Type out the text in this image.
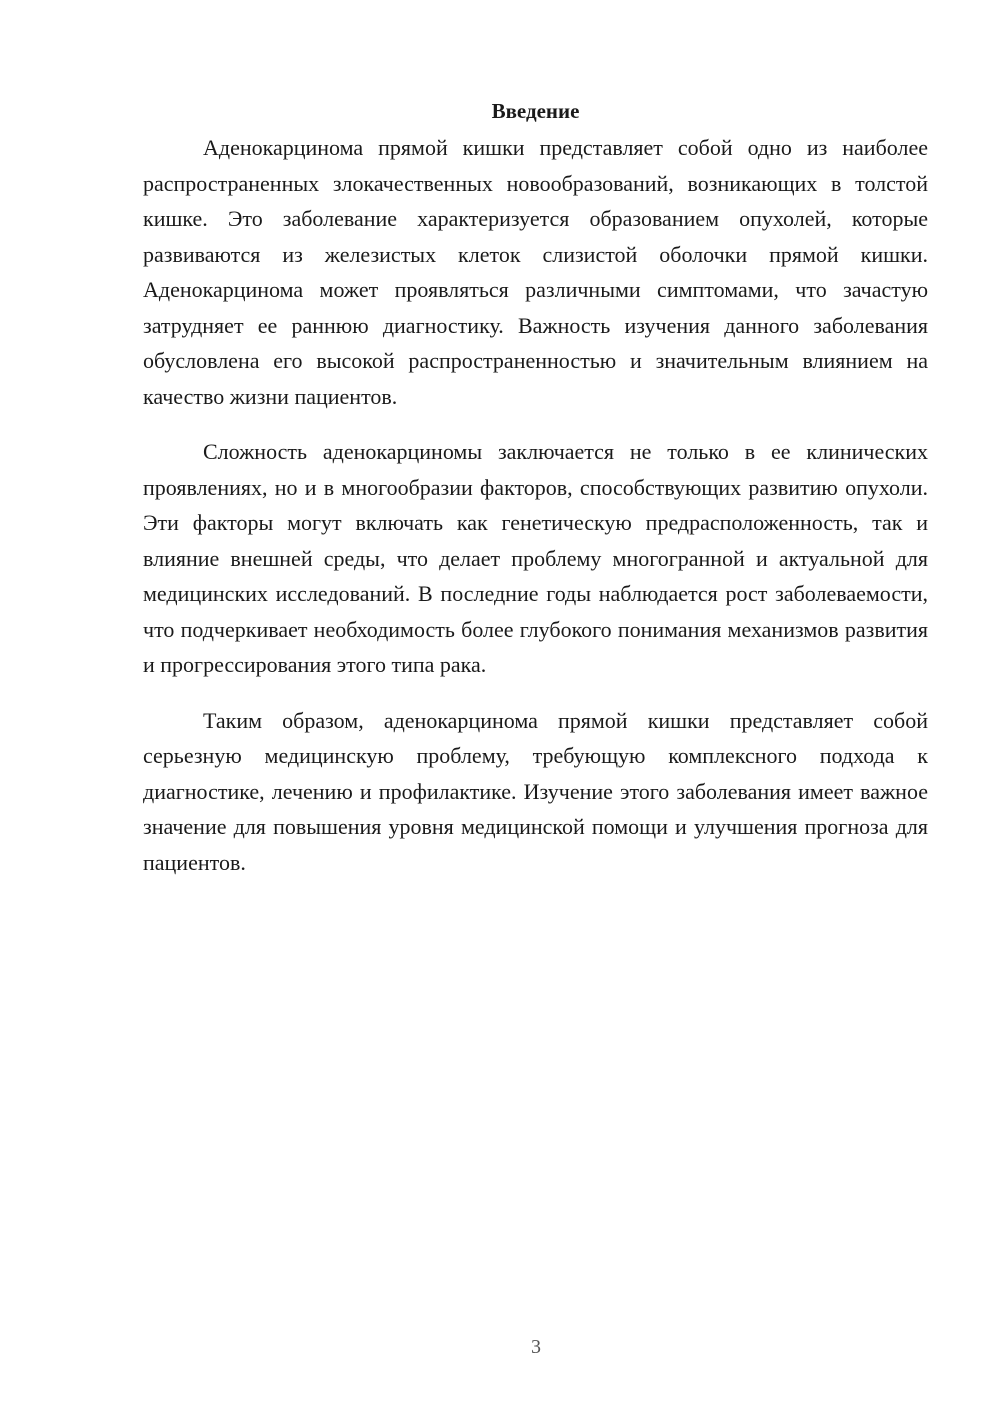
Введение

Аденокарцинома прямой кишки представляет собой одно из наиболее распространенных злокачественных новообразований, возникающих в толстой кишке. Это заболевание характеризуется образованием опухолей, которые развиваются из железистых клеток слизистой оболочки прямой кишки. Аденокарцинома может проявляться различными симптомами, что зачастую затрудняет ее раннюю диагностику. Важность изучения данного заболевания обусловлена его высокой распространенностью и значительным влиянием на качество жизни пациентов.

Сложность аденокарциномы заключается не только в ее клинических проявлениях, но и в многообразии факторов, способствующих развитию опухоли. Эти факторы могут включать как генетическую предрасположенность, так и влияние внешней среды, что делает проблему многогранной и актуальной для медицинских исследований. В последние годы наблюдается рост заболеваемости, что подчеркивает необходимость более глубокого понимания механизмов развития и прогрессирования этого типа рака.

Таким образом, аденокарцинома прямой кишки представляет собой серьезную медицинскую проблему, требующую комплексного подхода к диагностике, лечению и профилактике. Изучение этого заболевания имеет важное значение для повышения уровня медицинской помощи и улучшения прогноза для пациентов.

3
